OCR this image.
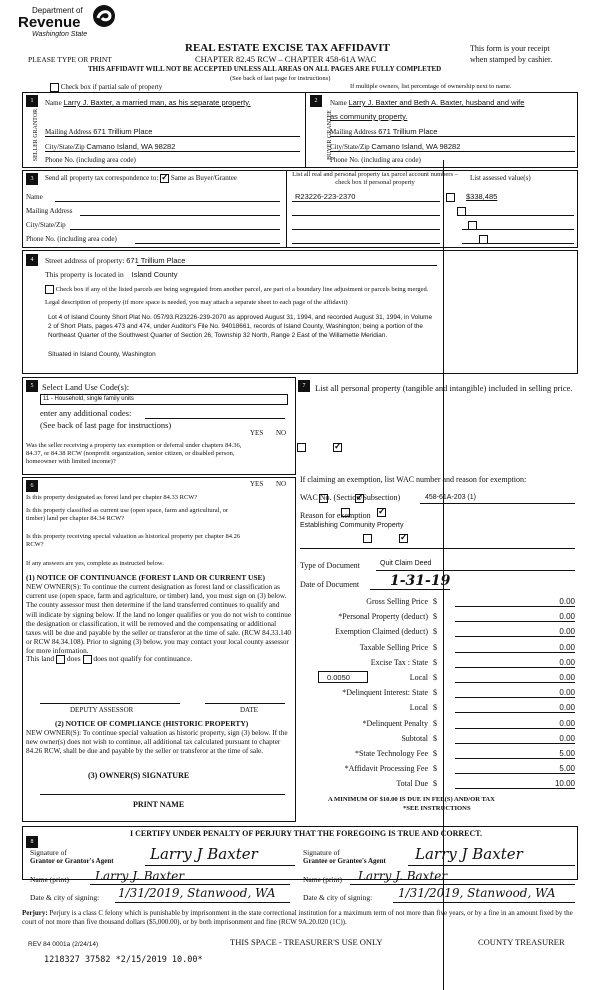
Department of
Revenue
Washington State
PLEASE TYPE OR PRINT
REAL ESTATE EXCISE TAX AFFIDAVIT
CHAPTER 82.45 RCW – CHAPTER 458-61A WAC
THIS AFFIDAVIT WILL NOT BE ACCEPTED UNLESS ALL AREAS ON ALL PAGES ARE FULLY COMPLETED
(See back of last page for instructions)
This form is your receipt
when stamped by cashier.
Check box if partial sale of property	If multiple owners, list percentage of ownership next to name.
1	2
SELLER GRANTOR	BUYER GRANTEE
Name Larry J. Baxter, a married man, as his separate property.
Mailing Address 671 Trillium Place
City/State/Zip Camano Island, WA 98282
Phone No. (including area code)
Name Larry J. Baxter and Beth A. Baxter, husband and wife
as community property.
Mailing Address 671 Trillium Place
City/State/Zip Camano Island, WA 98282
Phone No. (including area code)
3	Send all property tax correspondence to: ✓ Same as Buyer/Grantee
Name
Mailing Address
City/State/Zip
Phone No. (including area code)
List all real and personal property tax parcel account numbers – check box if personal property
List assessed value(s)
R23226-223-2370	$338,485

4	Street address of property: 671 Trillium Place
This property is located in Island County
Check box if any of the listed parcels are being segregated from another parcel, are part of a boundary line adjustment or parcels being merged.
Legal description of property (if more space is needed, you may attach a separate sheet to each page of the affidavit)
Lot 4 of Island County Short Plat No. 057/93.R23226-239-2070 as approved August 31, 1994, and recorded August 31, 1994, in Volume
2 of Short Plats, pages 473 and 474, under Auditor's File No. 94018661, records of Island County, Washington; being a portion of the
Northeast Quarter of the Southwest Quarter of Section 26, Township 32 North, Range 2 East of the Willamette Meridian.
Situated in Island County, Washington
5	Select Land Use Code(s):
11 - Household, single family units
enter any additional codes:
(See back of last page for instructions)
YES NO
Was the seller receiving a property tax exemption or deferral under chapters 84.36, 84.37, or 84.38 RCW (nonprofit organization, senior citizen, or disabled person, homeowner with limited income)?
✓
7	List all personal property (tangible and intangible) included in selling price.
6	YES NO
Is this property designated as forest land per chapter 84.33 RCW?
✓
Is this property classified as current use (open space, farm and agricultural, or timber) land per chapter 84.34 RCW?
✓
Is this property receiving special valuation as historical property per chapter 84.26 RCW?
✓
If any answers are yes, complete as instructed below.
(1) NOTICE OF CONTINUANCE (FOREST LAND OR CURRENT USE)
NEW OWNER(S): To continue the current designation as forest land or classification as current use (open space, farm and agriculture, or timber) land, you must sign on (3) below. The county assessor must then determine if the land transferred continues to qualify and will indicate by signing below. If the land no longer qualifies or you do not wish to continue the designation or classification, it will be removed and the compensating or additional taxes will be due and payable by the seller or transferor at the time of sale. (RCW 84.33.140 or RCW 84.34.108). Prior to signing (3) below, you may contact your local county assessor for more information.
This land does does not qualify for continuance.
DEPUTY ASSESSOR	DATE
(2) NOTICE OF COMPLIANCE (HISTORIC PROPERTY)
NEW OWNER(S): To continue special valuation as historic property, sign (3) below. If the new owner(s) does not wish to continue, all additional tax calculated pursuant to chapter 84.26 RCW, shall be due and payable by the seller or transferor at the time of sale.
(3) OWNER(S) SIGNATURE
PRINT NAME
If claiming an exemption, list WAC number and reason for exemption:
WAC No. (Section/Subsection)	458-61A-203 (1)
Reason for exemption
Establishing Community Property
Type of Document	Quit Claim Deed
Date of Document 1-31-19
Gross Selling Price $	0.00
*Personal Property (deduct) $	0.00
Exemption Claimed (deduct) $	0.00
Taxable Selling Price $	0.00
Excise Tax : State $	0.00
Local $	0.00
*Delinquent Interest: State $	0.00
Local $	0.00
*Delinquent Penalty $	0.00
Subtotal $	0.00
*State Technology Fee $	5.00
*Affidavit Processing Fee $	5.00
Total Due $	10.00
0.0050
A MINIMUM OF $10.00 IS DUE IN FEE(S) AND/OR TAX
*SEE INSTRUCTIONS
8
I CERTIFY UNDER PENALTY OF PERJURY THAT THE FOREGOING IS TRUE AND CORRECT.
Signature of
Grantor or Grantor's Agent Larry J Baxter
Name (print) Larry J. Baxter
Date & city of signing: 1/31/2019, Stanwood, WA
Signature of
Grantee or Grantee's Agent Larry J Baxter
Name (print) Larry J. Baxter
Date & city of signing: 1/31/2019, Stanwood, WA
Perjury: Perjury is a class C felony which is punishable by imprisonment in the state correctional institution for a maximum term of not more than five years, or by a fine in an amount fixed by the court of not more than five thousand dollars ($5,000.00), or by both imprisonment and fine (RCW 9A.20.020 (1C)).
REV 84 0001a (2/24/14)	THIS SPACE - TREASURER'S USE ONLY	COUNTY TREASURER
1218327 37582 *2/15/2019 10.00*
